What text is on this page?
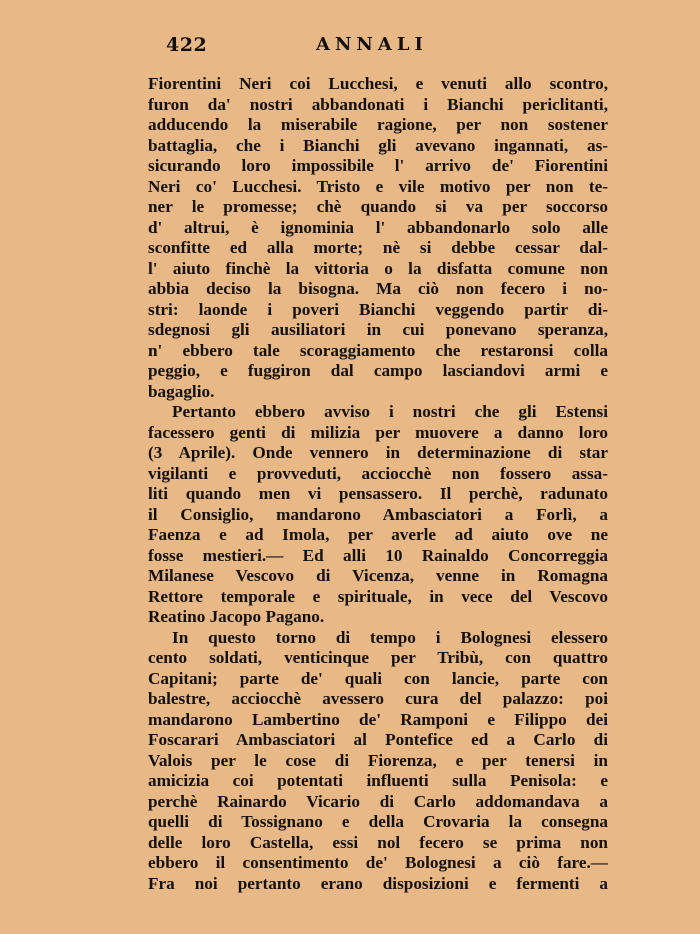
422	ANNALI
Fiorentini Neri coi Lucchesi, e venuti allo scontro,
furon da' nostri abbandonati i Bianchi periclitanti,
adducendo la miserabile ragione, per non sostener
battaglia, che i Bianchi gli avevano ingannati, as-
sicurando loro impossibile l' arrivo de' Fiorentini
Neri co' Lucchesi. Tristo e vile motivo per non te-
ner le promesse; chè quando si va per soccorso
d' altrui, è ignominia l' abbandonarlo solo alle
sconfitte ed alla morte; nè si debbe cessar dal-
l' aiuto finchè la vittoria o la disfatta comune non
abbia deciso la bisogna. Ma ciò non fecero i no-
stri: laonde i poveri Bianchi veggendo partir di-
sdegnosi gli ausiliatori in cui ponevano speranza,
n' ebbero tale scoraggiamento che restaronsi colla
peggio, e fuggiron dal campo lasciandovi armi e
bagaglio.
Pertanto ebbero avviso i nostri che gli Estensi
facessero genti di milizia per muovere a danno loro
(3 Aprile). Onde vennero in determinazione di star
vigilanti e provveduti, acciocchè non fossero assa-
liti quando men vi pensassero. Il perchè, radunato
il Consiglio, mandarono Ambasciatori a Forlì, a
Faenza e ad Imola, per averle ad aiuto ove ne
fosse mestieri.— Ed alli 10 Rainaldo Concorreggia
Milanese Vescovo di Vicenza, venne in Romagna
Rettore temporale e spirituale, in vece del Vescovo
Reatino Jacopo Pagano.
In questo torno di tempo i Bolognesi elessero
cento soldati, venticinque per Tribù, con quattro
Capitani; parte de' quali con lancie, parte con
balestre, acciocchè avessero cura del palazzo: poi
mandarono Lambertino de' Ramponi e Filippo dei
Foscarari Ambasciatori al Pontefice ed a Carlo di
Valois per le cose di Fiorenza, e per tenersi in
amicizia coi potentati influenti sulla Penisola: e
perchè Rainardo Vicario di Carlo addomandava a
quelli di Tossignano e della Crovaria la consegna
delle loro Castella, essi nol fecero se prima non
ebbero il consentimento de' Bolognesi a ciò fare.—
Fra noi pertanto erano disposizioni e fermenti a
